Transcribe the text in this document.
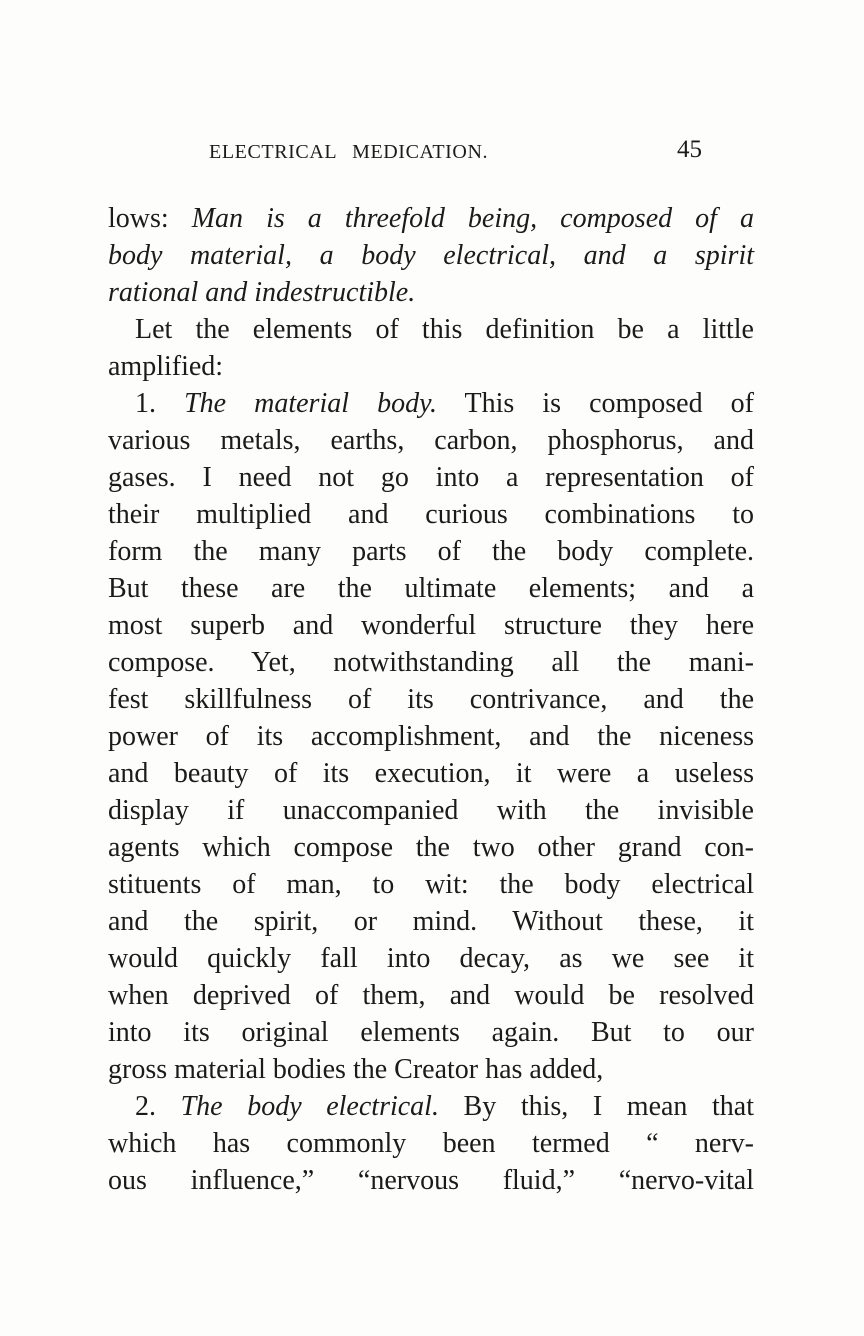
ELECTRICAL MEDICATION.	45
lows: Man is a threefold being, composed of a
body material, a body electrical, and a spirit
rational and indestructible.
Let the elements of this definition be a little
amplified:
1. The material body. This is composed of
various metals, earths, carbon, phosphorus, and
gases. I need not go into a representation of
their multiplied and curious combinations to
form the many parts of the body complete.
But these are the ultimate elements; and a
most superb and wonderful structure they here
compose. Yet, notwithstanding all the mani-
fest skillfulness of its contrivance, and the
power of its accomplishment, and the niceness
and beauty of its execution, it were a useless
display if unaccompanied with the invisible
agents which compose the two other grand con-
stituents of man, to wit: the body electrical
and the spirit, or mind. Without these, it
would quickly fall into decay, as we see it
when deprived of them, and would be resolved
into its original elements again. But to our
gross material bodies the Creator has added,
2. The body electrical. By this, I mean that
which has commonly been termed “ nerv-
ous influence,” “nervous fluid,” “nervo-vital
